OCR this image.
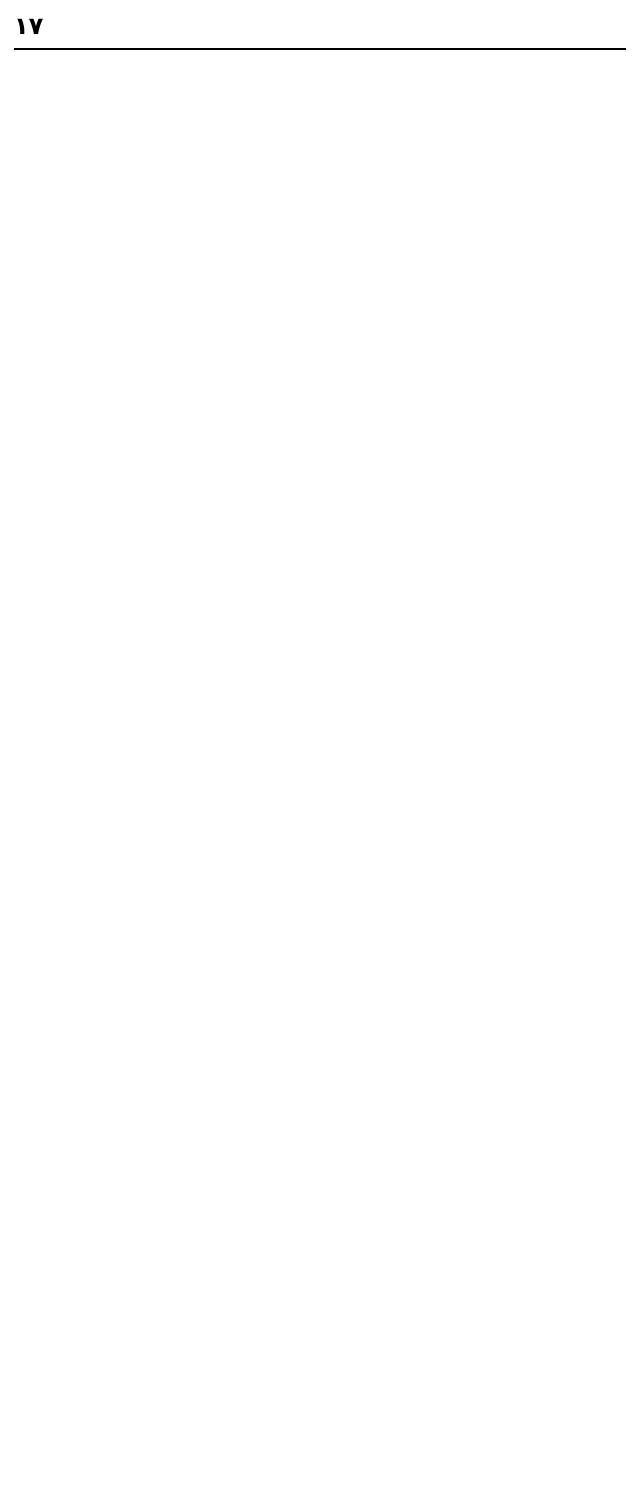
١٧
